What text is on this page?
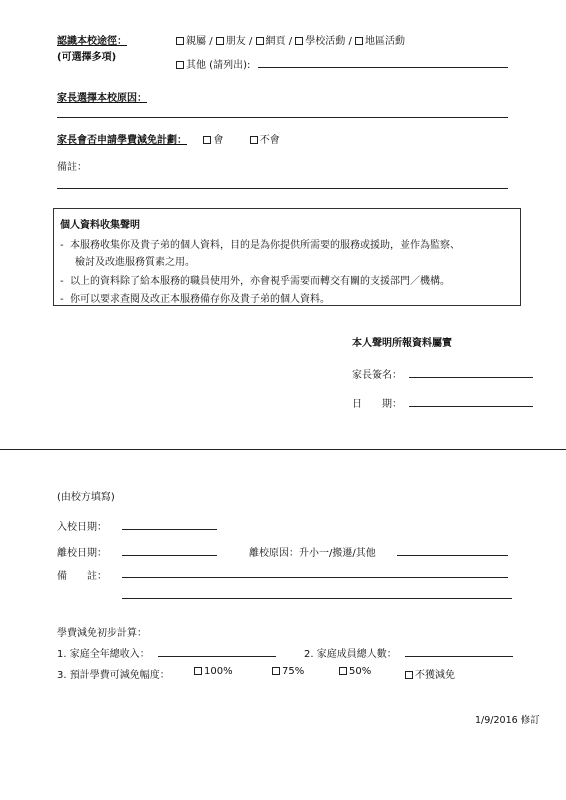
認識本校途徑：
(可選擇多項)
親屬 / 朋友 / 網頁 / 學校活動 / 地區活動
其他 (請列出):
家長選擇本校原因：
家長會否申請學費減免計劃：	會	不會
備註：
個人資料收集聲明
- 本服務收集你及貴子弟的個人資料，目的是為你提供所需要的服務或援助，並作為監察、
檢討及改進服務質素之用。
- 以上的資料除了給本服務的職員使用外，亦會視乎需要而轉交有關的支援部門／機構。
- 你可以要求查閱及改正本服務備存你及貴子弟的個人資料。
本人聲明所報資料屬實
家長簽名：
日　　期：
(由校方填寫)
入校日期：
離校日期：	離校原因：升小一/搬遷/其他
備　　註：
學費減免初步計算：
1. 家庭全年總收入：	2. 家庭成員總人數：
3. 預計學費可減免幅度：	100%	75%	50%	不獲減免
1/9/2016 修訂
